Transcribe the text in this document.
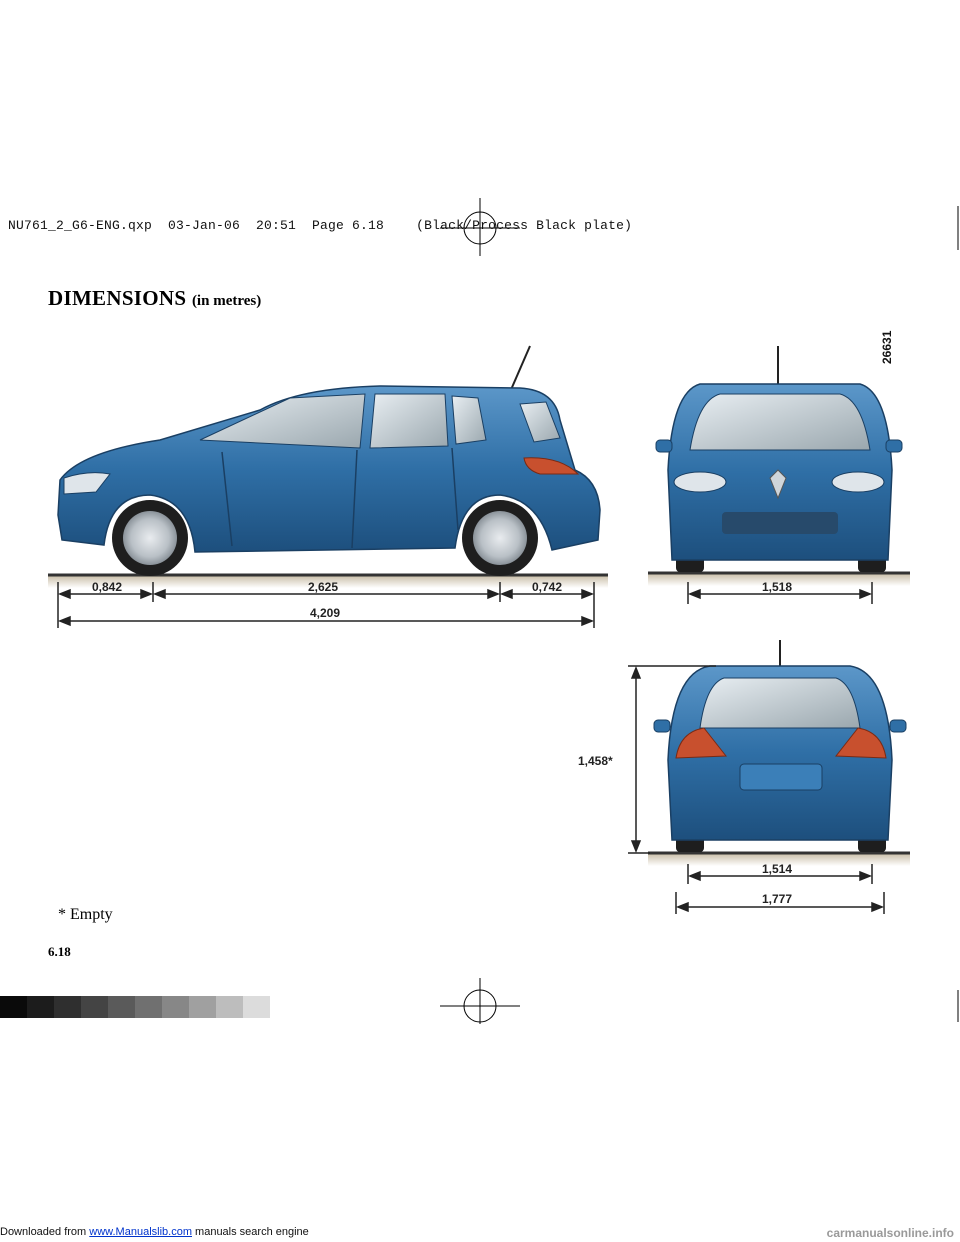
NU761_2_G6-ENG.qxp  03-Jan-06  20:51  Page 6.18    (Black/Process Black plate)
DIMENSIONS (in metres)
26631
0,842	2,625	0,742
4,209
1,518
1,458*
1,514
1,777
* Empty
6.18
Downloaded from www.Manualslib.com manuals search engine	carmanualsonline.info
